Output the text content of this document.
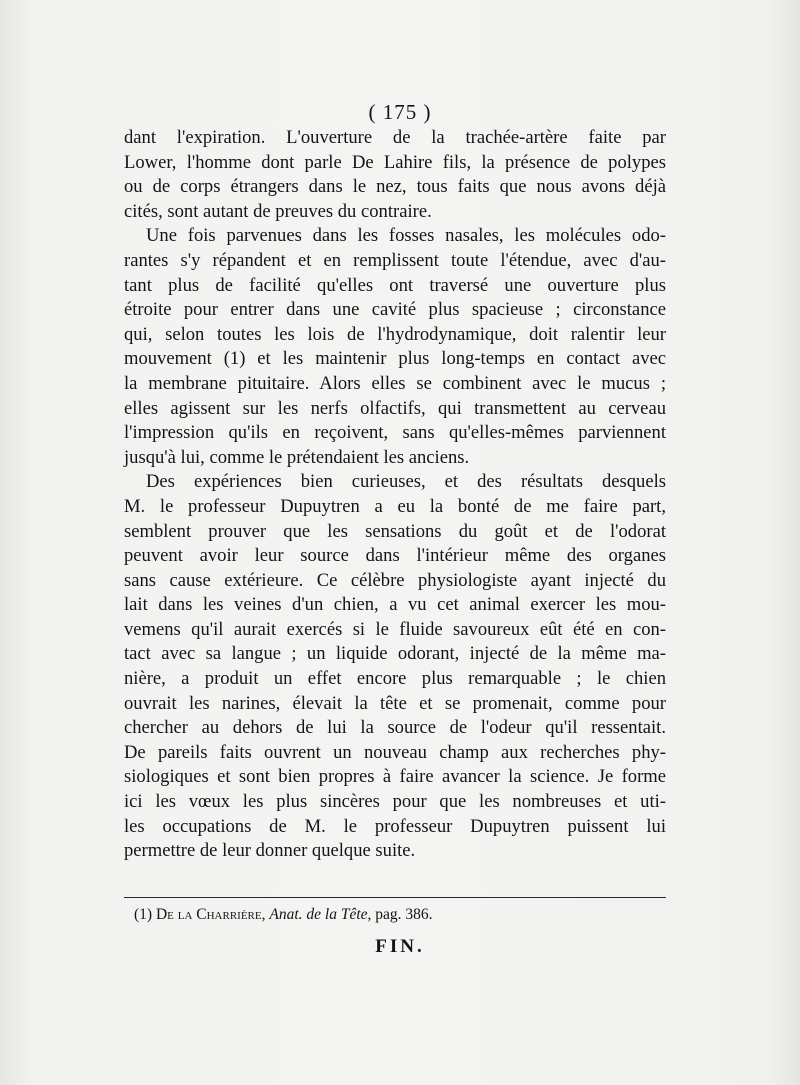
( 175 )
dant l'expiration. L'ouverture de la trachée-artère faite par
Lower, l'homme dont parle De Lahire fils, la présence de polypes
ou de corps étrangers dans le nez, tous faits que nous avons déjà
cités, sont autant de preuves du contraire.
Une fois parvenues dans les fosses nasales, les molécules odo-
rantes s'y répandent et en remplissent toute l'étendue, avec d'au-
tant plus de facilité qu'elles ont traversé une ouverture plus
étroite pour entrer dans une cavité plus spacieuse ; circonstance
qui, selon toutes les lois de l'hydrodynamique, doit ralentir leur
mouvement (1) et les maintenir plus long-temps en contact avec
la membrane pituitaire. Alors elles se combinent avec le mucus ;
elles agissent sur les nerfs olfactifs, qui transmettent au cerveau
l'impression qu'ils en reçoivent, sans qu'elles-mêmes parviennent
jusqu'à lui, comme le prétendaient les anciens.
Des expériences bien curieuses, et des résultats desquels
M. le professeur Dupuytren a eu la bonté de me faire part,
semblent prouver que les sensations du goût et de l'odorat
peuvent avoir leur source dans l'intérieur même des organes
sans cause extérieure. Ce célèbre physiologiste ayant injecté du
lait dans les veines d'un chien, a vu cet animal exercer les mou-
vemens qu'il aurait exercés si le fluide savoureux eût été en con-
tact avec sa langue ; un liquide odorant, injecté de la même ma-
nière, a produit un effet encore plus remarquable ; le chien
ouvrait les narines, élevait la tête et se promenait, comme pour
chercher au dehors de lui la source de l'odeur qu'il ressentait.
De pareils faits ouvrent un nouveau champ aux recherches phy-
siologiques et sont bien propres à faire avancer la science. Je forme
ici les vœux les plus sincères pour que les nombreuses et uti-
les occupations de M. le professeur Dupuytren puissent lui
permettre de leur donner quelque suite.
(1) De la Charrière, Anat. de la Tête, pag. 386.
FIN.
